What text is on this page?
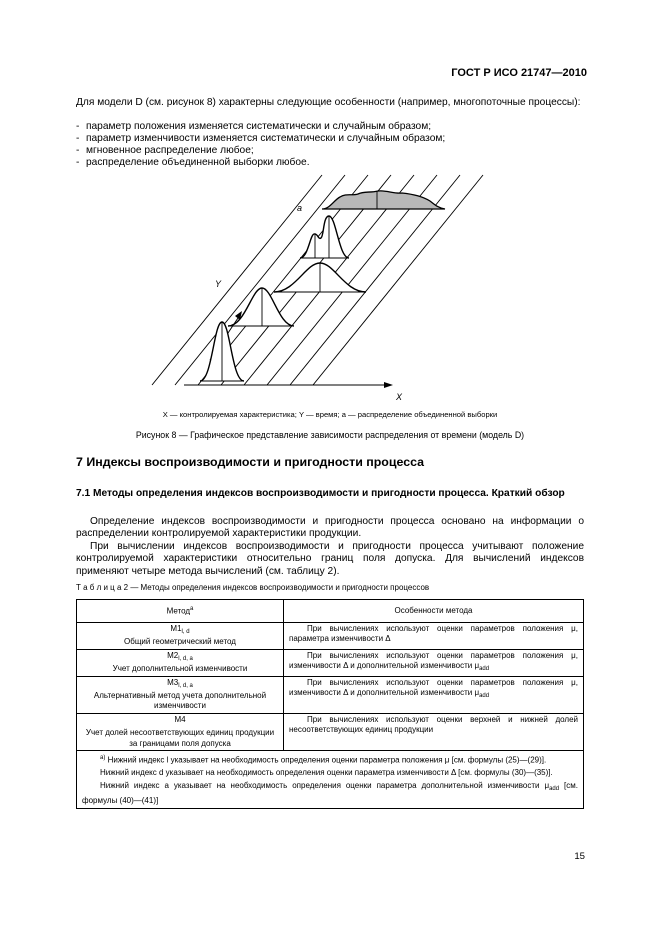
ГОСТ Р ИСО 21747—2010
Для модели D (см. рисунок 8) характерны следующие особенности (например, многопоточные процессы):
- параметр положения изменяется систематически и случайным образом;
- параметр изменчивости изменяется систематически и случайным образом;
- мгновенное распределение любое;
- распределение объединенной выборки любое.
Y
X
a
X — контролируемая характеристика; Y — время; a — распределение объединенной выборки
Рисунок 8 — Графическое представление зависимости распределения от времени (модель D)
7 Индексы воспроизводимости и пригодности процесса
7.1 Методы определения индексов воспроизводимости и пригодности процесса. Краткий обзор
Определение индексов воспроизводимости и пригодности процесса основано на информации о распределении контролируемой характеристики продукции.
При вычислении индексов воспроизводимости и пригодности процесса учитывают положение контролируемой характеристики относительно границ поля допуска. Для вычислений индексов применяют четыре метода вычислений (см. таблицу 2).
Т а б л и ц а 2 — Методы определения индексов воспроизводимости и пригодности процессов
Метод$^a$	Особенности метода
$M1_{l, d}$
Общий геометрический метод	При вычислениях используют оценки параметров положения μ, параметра изменчивости Δ
$M2_{l, d, a}$
Учет дополнительной изменчивости	При вычислениях используют оценки параметров положения μ, изменчивости Δ и дополнительной изменчивости $\mu_{add}$
$M3_{l, d, a}$
Альтернативный метод учета дополнительной изменчивости	При вычислениях используют оценки параметров положения μ, изменчивости Δ и дополнительной изменчивости $\mu_{add}$
M4
Учет долей несоответствующих единиц продукции за границами поля допуска	При вычислениях используют оценки верхней и нижней долей несоответствующих единиц продукции

$^{a)}$ Нижний индекс l указывает на необходимость определения оценки параметра положения μ [см. формулы (25)—(29)].

Нижний индекс d указывает на необходимость определения оценки параметра изменчивости Δ [см. формулы (30)—(35)].

Нижний индекс a указывает на необходимость определения оценки параметра дополнительной изменчивости $\mu_{add}$ [см. формулы (40)—(41)]	

15
